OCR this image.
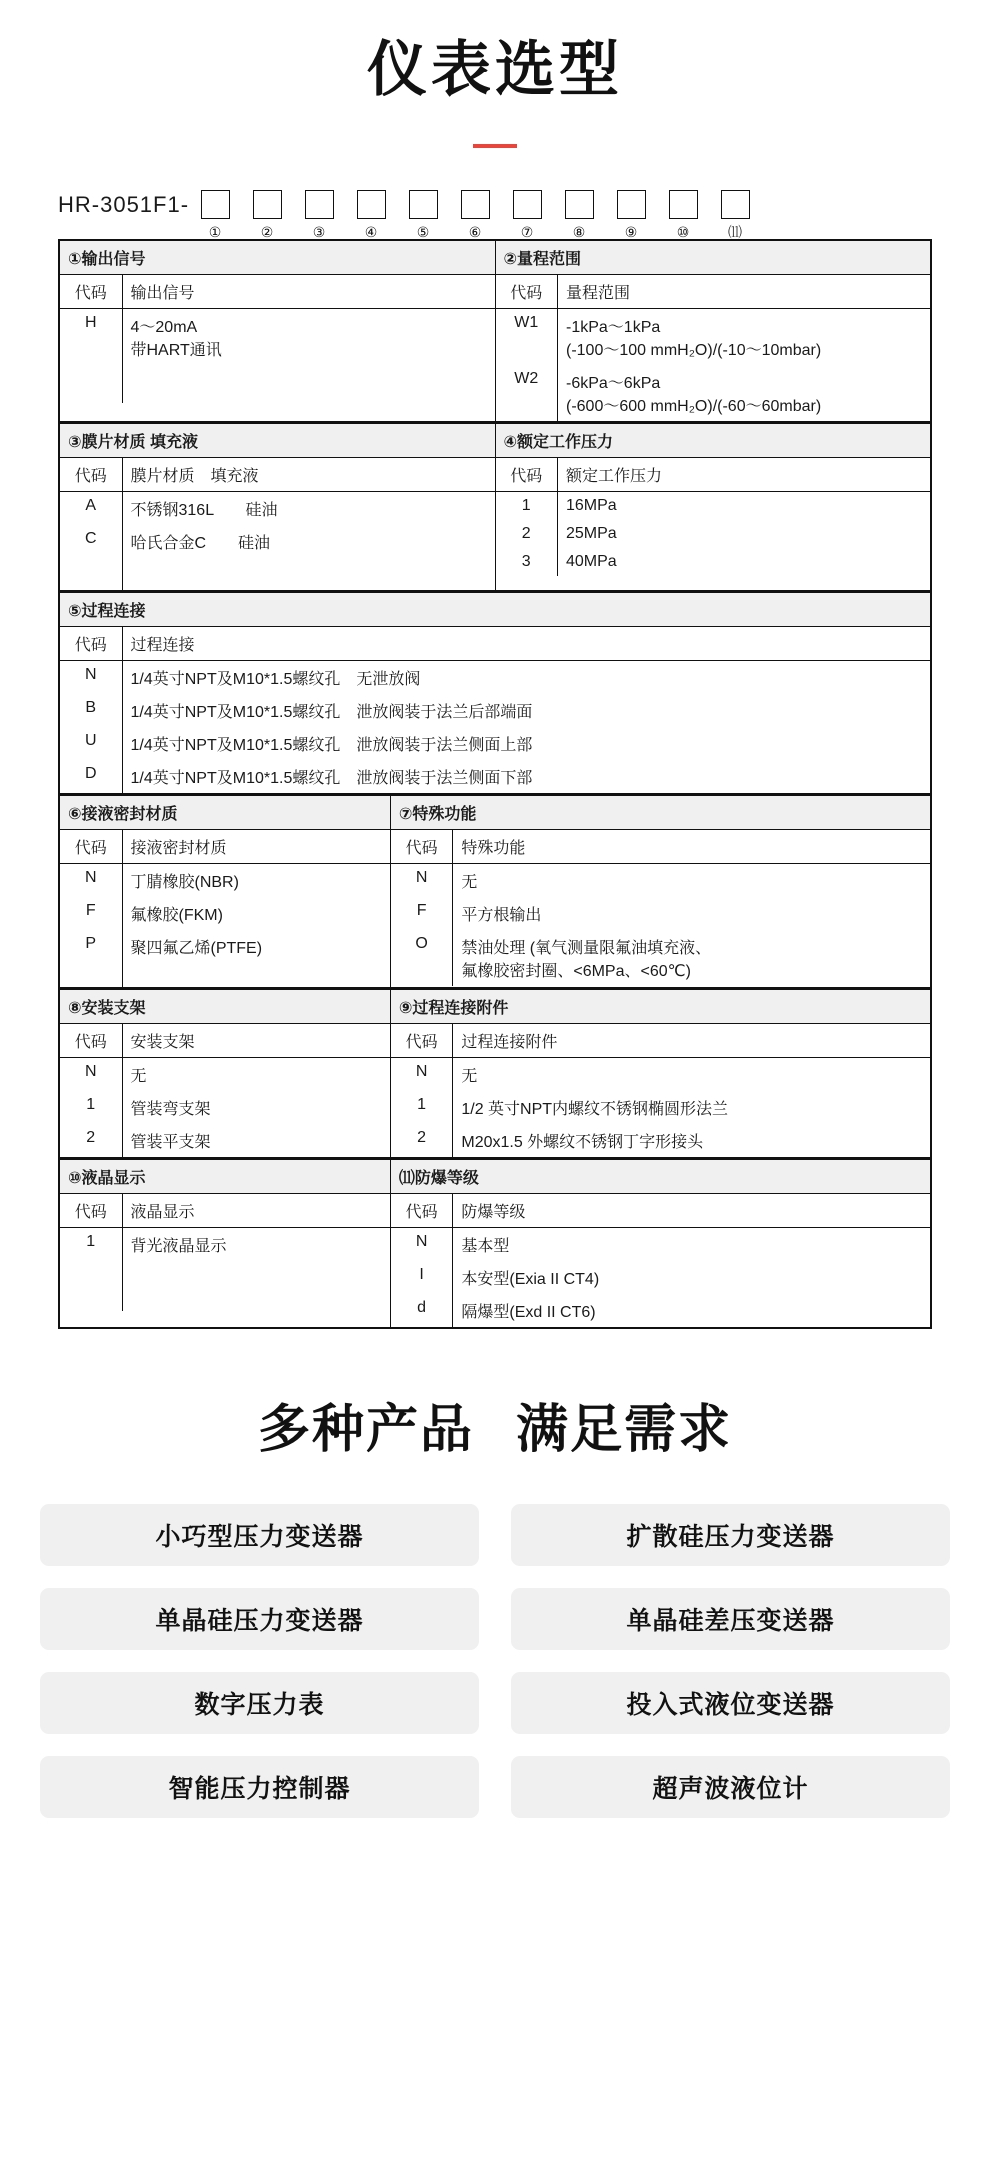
仪表选型
HR-3051F1-
①	②	③	④	⑤	⑥	⑦	⑧	⑨	⑩	⑾
①输出信号
代码	输出信号
H	4～20mA
带HART通讯

②量程范围
代码	量程范围
W1	-1kPa～1kPa
(-100～100 mmH₂O)/(-10～10mbar)

W2	-6kPa～6kPa
(-600～600 mmH₂O)/(-60～60mbar)
③膜片材质 填充液
代码	膜片材质　填充液
A	不锈钢316L　　硅油
C	哈氏合金C　　硅油

④额定工作压力
代码	额定工作压力
1	16MPa
2	25MPa
3	40MPa
⑤过程连接
代码	过程连接
N	1/4英寸NPT及M10*1.5螺纹孔　无泄放阀
B	1/4英寸NPT及M10*1.5螺纹孔　泄放阀装于法兰后部端面
U	1/4英寸NPT及M10*1.5螺纹孔　泄放阀装于法兰侧面上部
D	1/4英寸NPT及M10*1.5螺纹孔　泄放阀装于法兰侧面下部
⑥接液密封材质
代码	接液密封材质
N	丁腈橡胶(NBR)
F	氟橡胶(FKM)
P	聚四氟乙烯(PTFE)

⑦特殊功能
代码	特殊功能
N	无
F	平方根输出
O	禁油处理 (氧气测量限氟油填充液、
氟橡胶密封圈、<6MPa、<60℃)
⑧安装支架
代码	安装支架
N	无
1	管装弯支架
2	管装平支架

⑨过程连接附件
代码	过程连接附件
N	无
1	1/2 英寸NPT内螺纹不锈钢椭圆形法兰
2	M20x1.5 外螺纹不锈钢丁字形接头
⑩液晶显示
代码	液晶显示
1	背光液晶显示

⑾防爆等级
代码	防爆等级
N	基本型
I	本安型(Exia II CT4)
d	隔爆型(Exd II CT6)
多种产品 满足需求
小巧型压力变送器	扩散硅压力变送器
单晶硅压力变送器	单晶硅差压变送器
数字压力表	投入式液位变送器
智能压力控制器	超声波液位计
